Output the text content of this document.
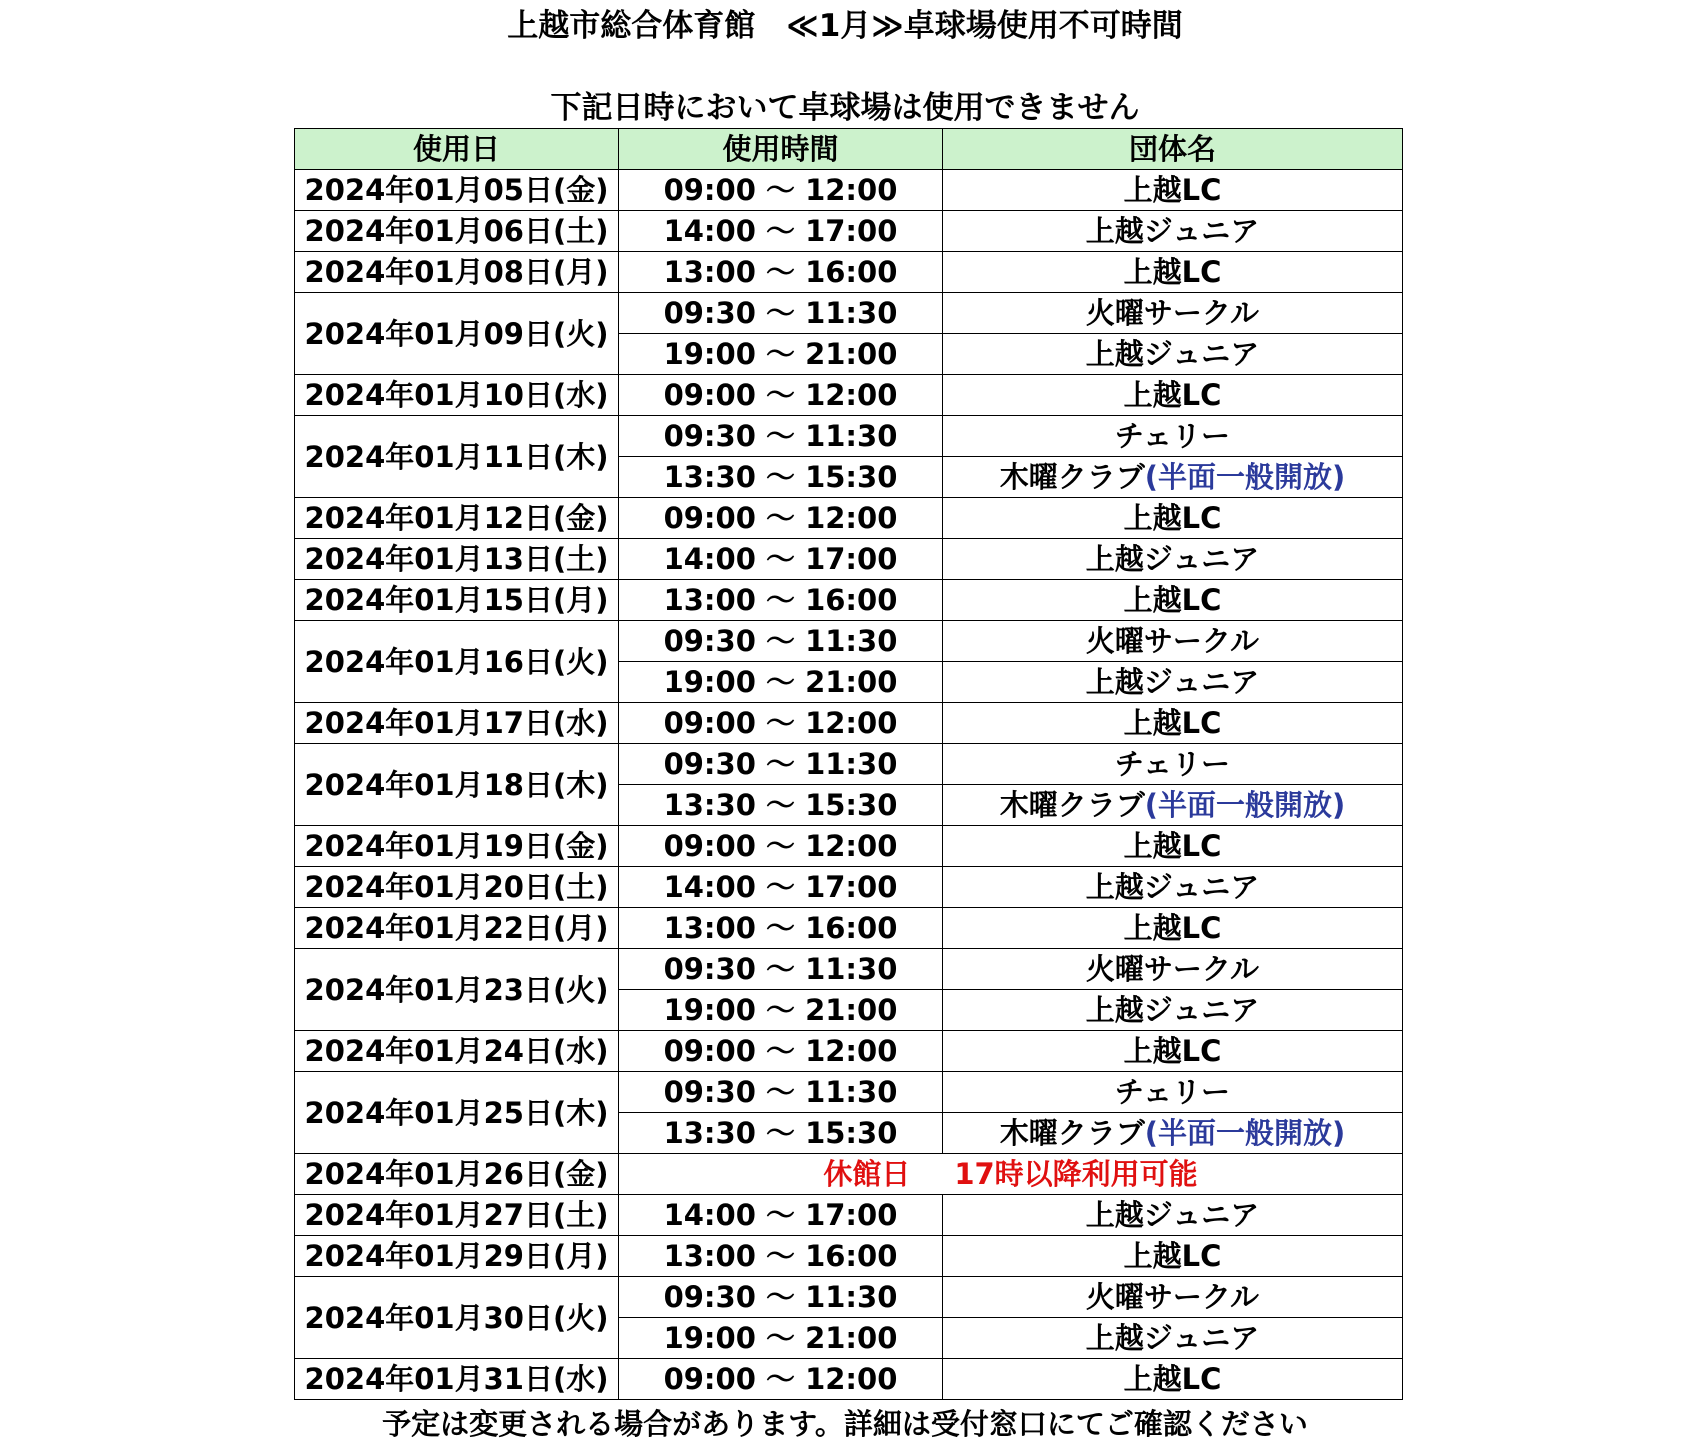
上越市総合体育館　≪1月≫卓球場使用不可時間
下記日時において卓球場は使用できません
使用日	使用時間	団体名
2024年01月05日(金)	09:00 ～ 12:00	上越LC
2024年01月06日(土)	14:00 ～ 17:00	上越ジュニア
2024年01月08日(月)	13:00 ～ 16:00	上越LC
2024年01月09日(火)	09:30 ～ 11:30	火曜サークル
	19:00 ～ 21:00	上越ジュニア
2024年01月10日(水)	09:00 ～ 12:00	上越LC
2024年01月11日(木)	09:30 ～ 11:30	チェリー
	13:30 ～ 15:30	木曜クラブ(半面一般開放)
2024年01月12日(金)	09:00 ～ 12:00	上越LC
2024年01月13日(土)	14:00 ～ 17:00	上越ジュニア
2024年01月15日(月)	13:00 ～ 16:00	上越LC
2024年01月16日(火)	09:30 ～ 11:30	火曜サークル
	19:00 ～ 21:00	上越ジュニア
2024年01月17日(水)	09:00 ～ 12:00	上越LC
2024年01月18日(木)	09:30 ～ 11:30	チェリー
	13:30 ～ 15:30	木曜クラブ(半面一般開放)
2024年01月19日(金)	09:00 ～ 12:00	上越LC
2024年01月20日(土)	14:00 ～ 17:00	上越ジュニア
2024年01月22日(月)	13:00 ～ 16:00	上越LC
2024年01月23日(火)	09:30 ～ 11:30	火曜サークル
	19:00 ～ 21:00	上越ジュニア
2024年01月24日(水)	09:00 ～ 12:00	上越LC
2024年01月25日(木)	09:30 ～ 11:30	チェリー
	13:30 ～ 15:30	木曜クラブ(半面一般開放)
2024年01月26日(金)	休館日 17時以降利用可能	
2024年01月27日(土)	14:00 ～ 17:00	上越ジュニア
2024年01月29日(月)	13:00 ～ 16:00	上越LC
2024年01月30日(火)	09:30 ～ 11:30	火曜サークル
	19:00 ～ 21:00	上越ジュニア
2024年01月31日(水)	09:00 ～ 12:00	上越LC
予定は変更される場合があります。詳細は受付窓口にてご確認ください
